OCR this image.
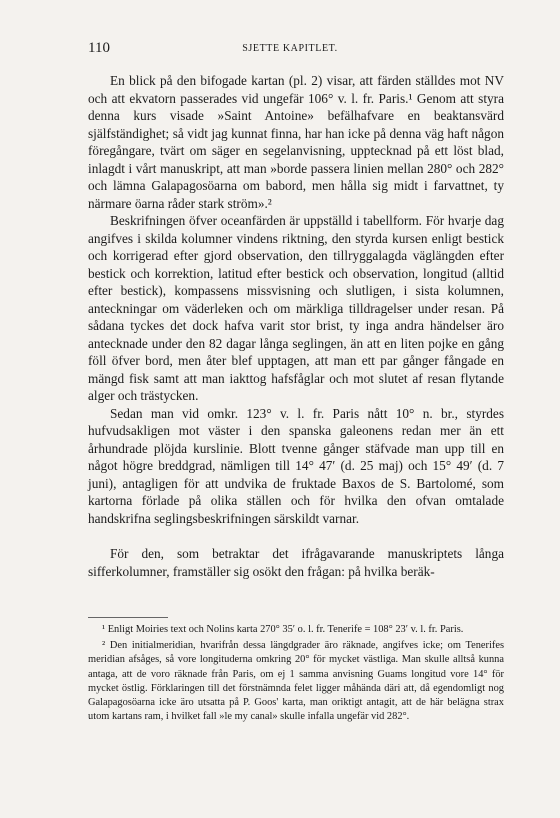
110	SJETTE KAPITLET.

En blick på den bifogade kartan (pl. 2) visar, att färden ställdes mot NV och att ekvatorn passerades vid ungefär 106° v. l. fr. Paris.¹ Genom att styra denna kurs visade »Saint Antoine» befälhafvare en beaktansvärd själfständighet; så vidt jag kunnat finna, har han icke på denna väg haft någon föregångare, tvärt om säger en segelanvisning, upptecknad på ett löst blad, inlagdt i vårt manuskript, att man »borde passera linien mellan 280° och 282° och lämna Galapagosöarna om babord, men hålla sig midt i farvattnet, ty närmare öarna råder stark ström».²

Beskrifningen öfver oceanfärden är uppställd i tabellform. För hvarje dag angifves i skilda kolumner vindens riktning, den styrda kursen enligt bestick och korrigerad efter gjord observation, den tillryggalagda väglängden efter bestick och korrektion, latitud efter bestick och observation, longitud (alltid efter bestick), kompassens missvisning och slutligen, i sista kolumnen, anteckningar om väderleken och om märkliga tilldragelser under resan. På sådana tyckes det dock hafva varit stor brist, ty inga andra händelser äro antecknade under den 82 dagar långa seglingen, än att en liten pojke en gång föll öfver bord, men åter blef upptagen, att man ett par gånger fångade en mängd fisk samt att man iakttog hafsfåglar och mot slutet af resan flytande alger och trästycken.

Sedan man vid omkr. 123° v. l. fr. Paris nått 10° n. br., styrdes hufvudsakligen mot väster i den spanska galeonens redan mer än ett århundrade plöjda kurslinie. Blott tvenne gånger stäfvade man upp till en något högre breddgrad, nämligen till 14° 47′ (d. 25 maj) och 15° 49′ (d. 7 juni), antagligen för att undvika de fruktade Baxos de S. Bartolomé, som kartorna förlade på olika ställen och för hvilka den ofvan omtalade handskrifna seglingsbeskrifningen särskildt varnar.

För den, som betraktar det ifrågavarande manuskriptets långa sifferkolumner, framställer sig osökt den frågan: på hvilka beräk-

¹ Enligt Moiries text och Nolins karta 270° 35′ o. l. fr. Tenerife = 108° 23′ v. l. fr. Paris.

² Den initialmeridian, hvarifrån dessa längdgrader äro räknade, angifves icke; om Tenerifes meridian afsåges, så vore longituderna omkring 20° för mycket västliga. Man skulle alltså kunna antaga, att de voro räknade från Paris, om ej 1 samma anvisning Guams longitud vore 14° för mycket östlig. Förklaringen till det förstnämnda felet ligger måhända däri att, då egendomligt nog Galapagosöarna icke äro utsatta på P. Goos' karta, man oriktigt antagit, att de här belägna strax utom kartans ram, i hvilket fall »le my canal» skulle infalla ungefär vid 282°.
